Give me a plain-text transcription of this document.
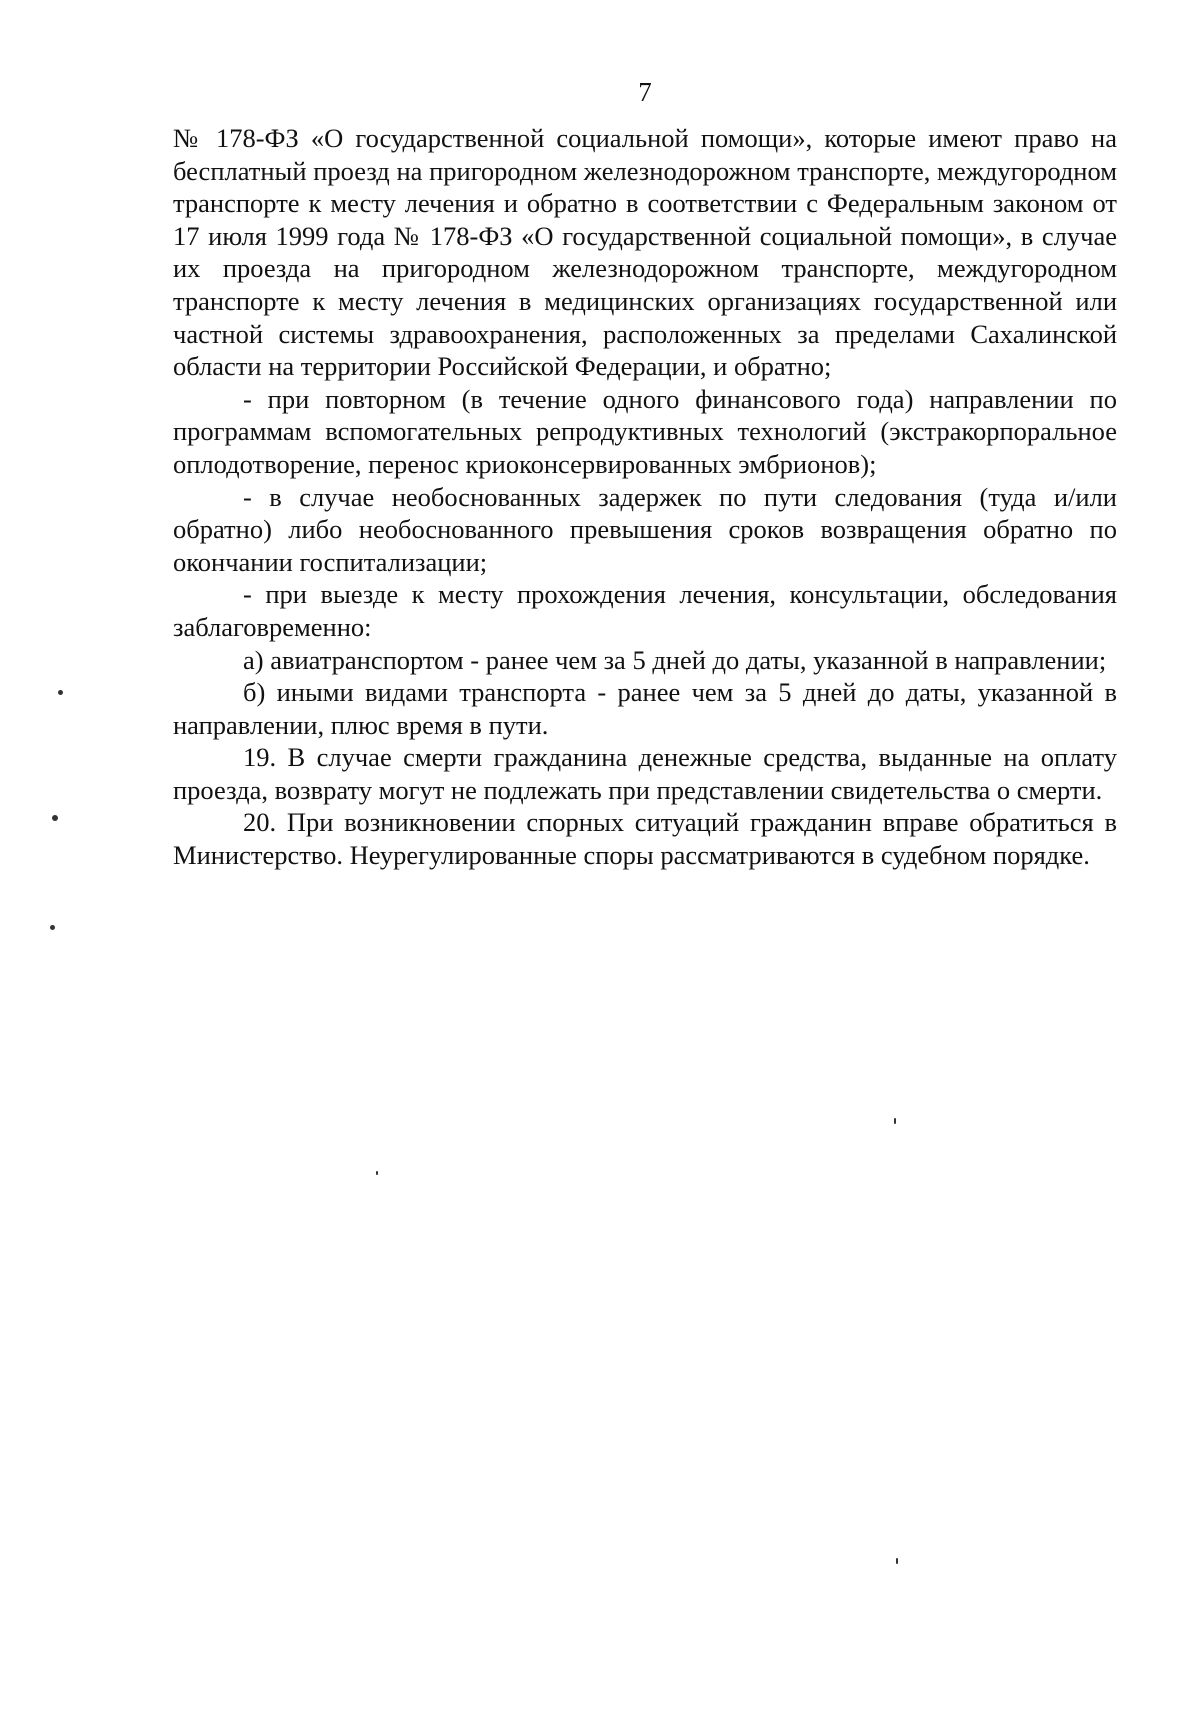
7

№ 178-ФЗ «О государственной социальной помощи», которые имеют право на бесплатный проезд на пригородном железнодорожном транспорте, междугородном транспорте к месту лечения и обратно в соответствии с Федеральным законом от 17 июля 1999 года № 178-ФЗ «О государственной социальной помощи», в случае их проезда на пригородном железнодорожном транспорте, междугородном транспорте к месту лечения в медицинских организациях государственной или частной системы здравоохранения, расположенных за пределами Сахалинской области на территории Российской Федерации, и обратно;

- при повторном (в течение одного финансового года) направлении по программам вспомогательных репродуктивных технологий (экстракорпоральное оплодотворение, перенос криоконсервированных эмбрионов);

- в случае необоснованных задержек по пути следования (туда и/или обратно) либо необоснованного превышения сроков возвращения обратно по окончании госпитализации;

- при выезде к месту прохождения лечения, консультации, обследования заблаговременно:

а) авиатранспортом - ранее чем за 5 дней до даты, указанной в направлении;

б) иными видами транспорта - ранее чем за 5 дней до даты, указанной в направлении, плюс время в пути.

19. В случае смерти гражданина денежные средства, выданные на оплату проезда, возврату могут не подлежать при представлении свидетельства о смерти.

20. При возникновении спорных ситуаций гражданин вправе обратиться в Министерство. Неурегулированные споры рассматриваются в судебном порядке.
